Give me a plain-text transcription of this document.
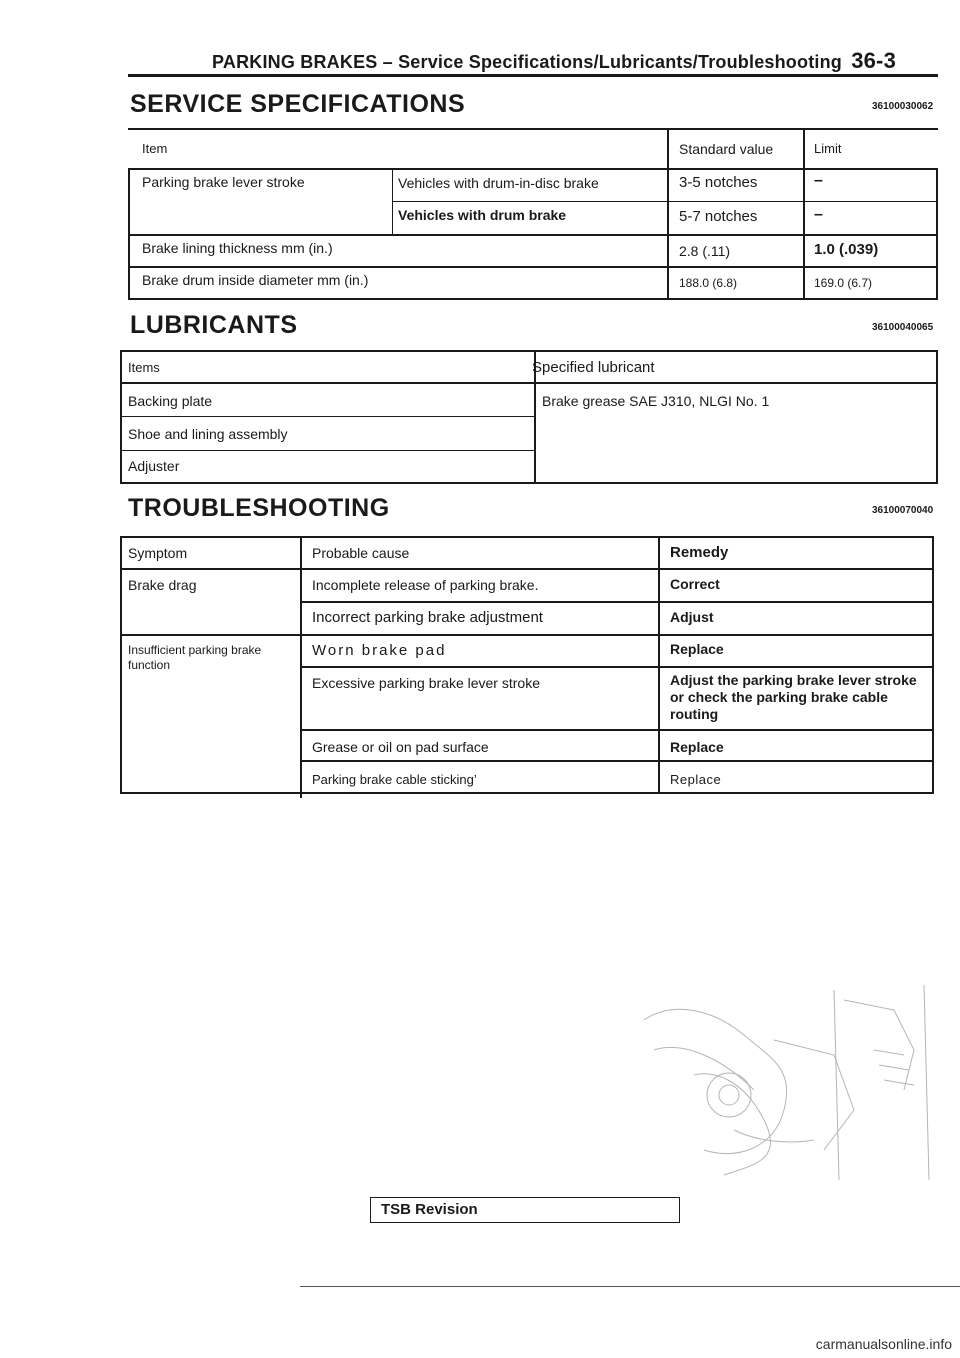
PARKING BRAKES – Service Specifications/Lubricants/Troubleshooting 36-3
SERVICE SPECIFICATIONS	36100030062
Item	Standard value	Limit
Parking brake lever stroke	Vehicles with drum-in-disc brake	3-5 notches	–
Vehicles with drum brake	5-7 notches	–
Brake lining thickness mm (in.)	2.8 (.11)	1.0 (.039)
Brake drum inside diameter mm (in.)	188.0 (6.8)	169.0 (6.7)
LUBRICANTS	36100040065
Items	Specified lubricant
Backing plate
Shoe and lining assembly
Adjuster
Brake grease SAE J310, NLGI No. 1
TROUBLESHOOTING	36100070040
Symptom	Probable cause	Remedy
Brake drag	Incomplete release of parking brake.	Correct
Incorrect parking brake adjustment	Adjust
Insufficient parking brake function
Worn brake pad	Replace
Excessive parking brake lever stroke	Adjust the parking brake lever stroke or check the parking brake cable routing
Grease or oil on pad surface	Replace
Parking brake cable sticking’	Replace
TSB Revision
carmanualsonline.info
